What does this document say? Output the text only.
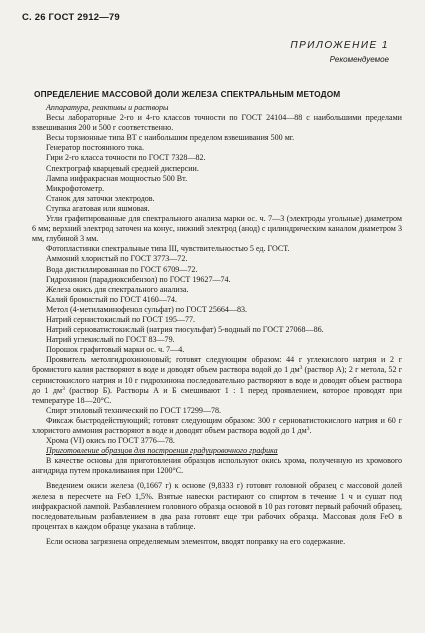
С. 26 ГОСТ 2912—79
ПРИЛОЖЕНИЕ 1
Рекомендуемое
ОПРЕДЕЛЕНИЕ МАССОВОЙ ДОЛИ ЖЕЛЕЗА СПЕКТРАЛЬНЫМ МЕТОДОМ

Аппаратура, реактивы и растворы

Весы лабораторные 2-го и 4-го классов точности по ГОСТ 24104—88 с наибольшими пределами взвешивания 200 и 500 г соответственно.

Весы торзионные типа ВТ с наибольшим пределом взвешивания 500 мг.

Генератор постоянного тока.

Гири 2-го класса точности по ГОСТ 7328—82.

Спектрограф кварцевый средней дисперсии.

Лампа инфракрасная мощностью 500 Вт.

Микрофотометр.

Станок для заточки электродов.

Ступка агатовая или яшмовая.

Угли графитированные для спектрального анализа марки ос. ч. 7—3 (электроды угольные) диаметром 6 мм; верхний электрод заточен на конус, нижний электрод (анод) с цилиндрическим каналом диаметром 3 мм, глубиной 3 мм.

Фотопластинки спектральные типа III, чувствительностью 5 ед. ГОСТ.

Аммоний хлористый по ГОСТ 3773—72.

Вода дистиллированная по ГОСТ 6709—72.

Гидрохинон (парадиоксибензол) по ГОСТ 19627—74.

Железа окись для спектрального анализа.

Калий бромистый по ГОСТ 4160—74.

Метол (4-метиламинофенол сульфат) по ГОСТ 25664—83.

Натрий сернистокислый по ГОСТ 195—77.

Натрий серноватистокислый (натрия тиосульфат) 5-водный по ГОСТ 27068—86.

Натрий углекислый по ГОСТ 83—79.

Порошок графитовый марки ос. ч. 7—4.

Проявитель метолгидрохиноновый; готовят следующим образом: 44 г углекислого натрия и 2 г бромистого калия растворяют в воде и доводят объем раствора водой до 1 $дм^3$ (раствор А); 2 г метола, 52 г сернистокислого натрия и 10 г гидрохинона последовательно растворяют в воде и доводят объем раствора до 1 $дм^3$ (раствор Б). Растворы А и Б смешивают 1 : 1 перед проявлением, которое проводят при температуре 18—20°С.

Спирт этиловый технический по ГОСТ 17299—78.

Фиксаж быстродействующий; готовят следующим образом: 300 г серноватистокислого натрия и 60 г хлористого аммония растворяют в воде и доводят объем раствора водой до 1 $дм^3$.

Хрома (VI) окись по ГОСТ 3776—78.

Приготовление образцов для построения градуировочного графика

В качестве основы для приготовления образцов используют окись хрома, полученную из хромового ангидрида путем прокаливания при 1200°С.

Введением окиси железа (0,1667 г) к основе (9,8333 г) готовят головной образец с массовой долей железа в пересчете на FeO 1,5%. Взятые навески растирают со спиртом в течение 1 ч и сушат под инфракрасной лампой. Разбавлением головного образца основой в 10 раз готовят первый рабочий образец, последовательным разбавлением в два раза готовят еще три рабочих образца. Массовая доля FeO в процентах в каждом образце указана в таблице.

Если основа загрязнена определяемым элементом, вводят поправку на его содержание.
